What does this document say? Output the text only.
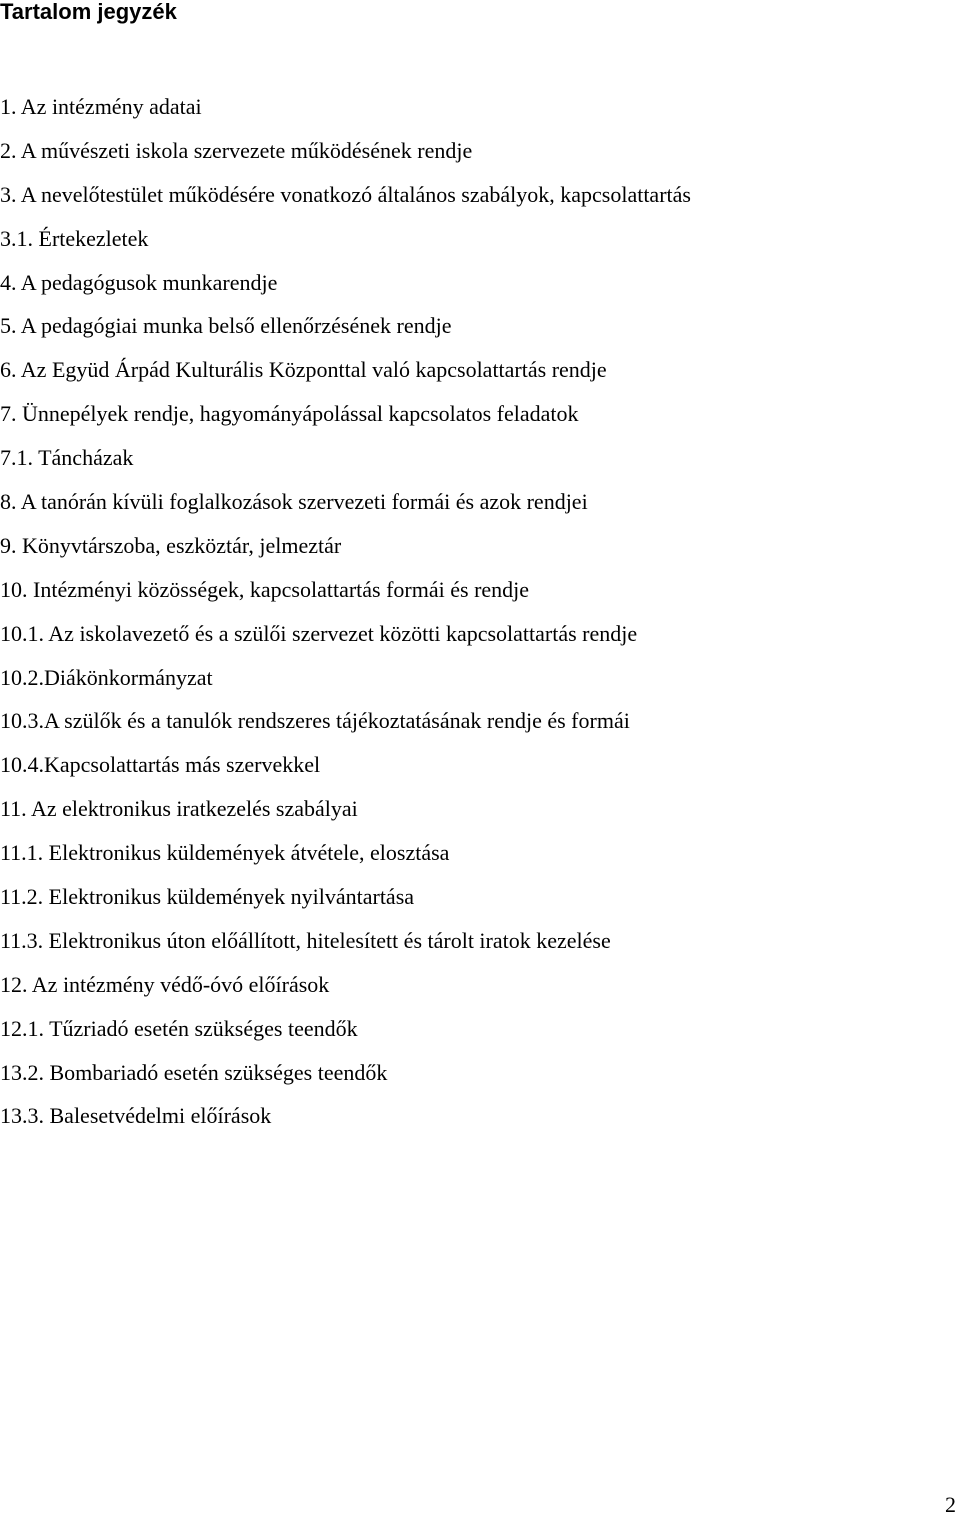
Tartalom jegyzék
1. Az intézmény adatai
2. A művészeti iskola szervezete működésének rendje
3. A nevelőtestület működésére vonatkozó általános szabályok, kapcsolattartás
3.1. Értekezletek
4. A pedagógusok munkarendje
5. A pedagógiai munka belső ellenőrzésének rendje
6. Az Együd Árpád Kulturális Központtal való kapcsolattartás rendje
7. Ünnepélyek rendje, hagyományápolással kapcsolatos feladatok
7.1. Táncházak
8. A tanórán kívüli foglalkozások szervezeti formái és azok rendjei
9. Könyvtárszoba, eszköztár, jelmeztár
10. Intézményi közösségek, kapcsolattartás formái és rendje
10.1. Az iskolavezető és a szülői szervezet közötti kapcsolattartás rendje
10.2.Diákönkormányzat
10.3.A szülők és a tanulók rendszeres tájékoztatásának rendje és formái
10.4.Kapcsolattartás más szervekkel
11. Az elektronikus iratkezelés szabályai
11.1. Elektronikus küldemények átvétele, elosztása
11.2. Elektronikus küldemények nyilvántartása
11.3. Elektronikus úton előállított, hitelesített és tárolt iratok kezelése
12. Az intézmény védő-óvó előírások
12.1. Tűzriadó esetén szükséges teendők
13.2. Bombariadó esetén szükséges teendők
13.3. Balesetvédelmi előírások
2
